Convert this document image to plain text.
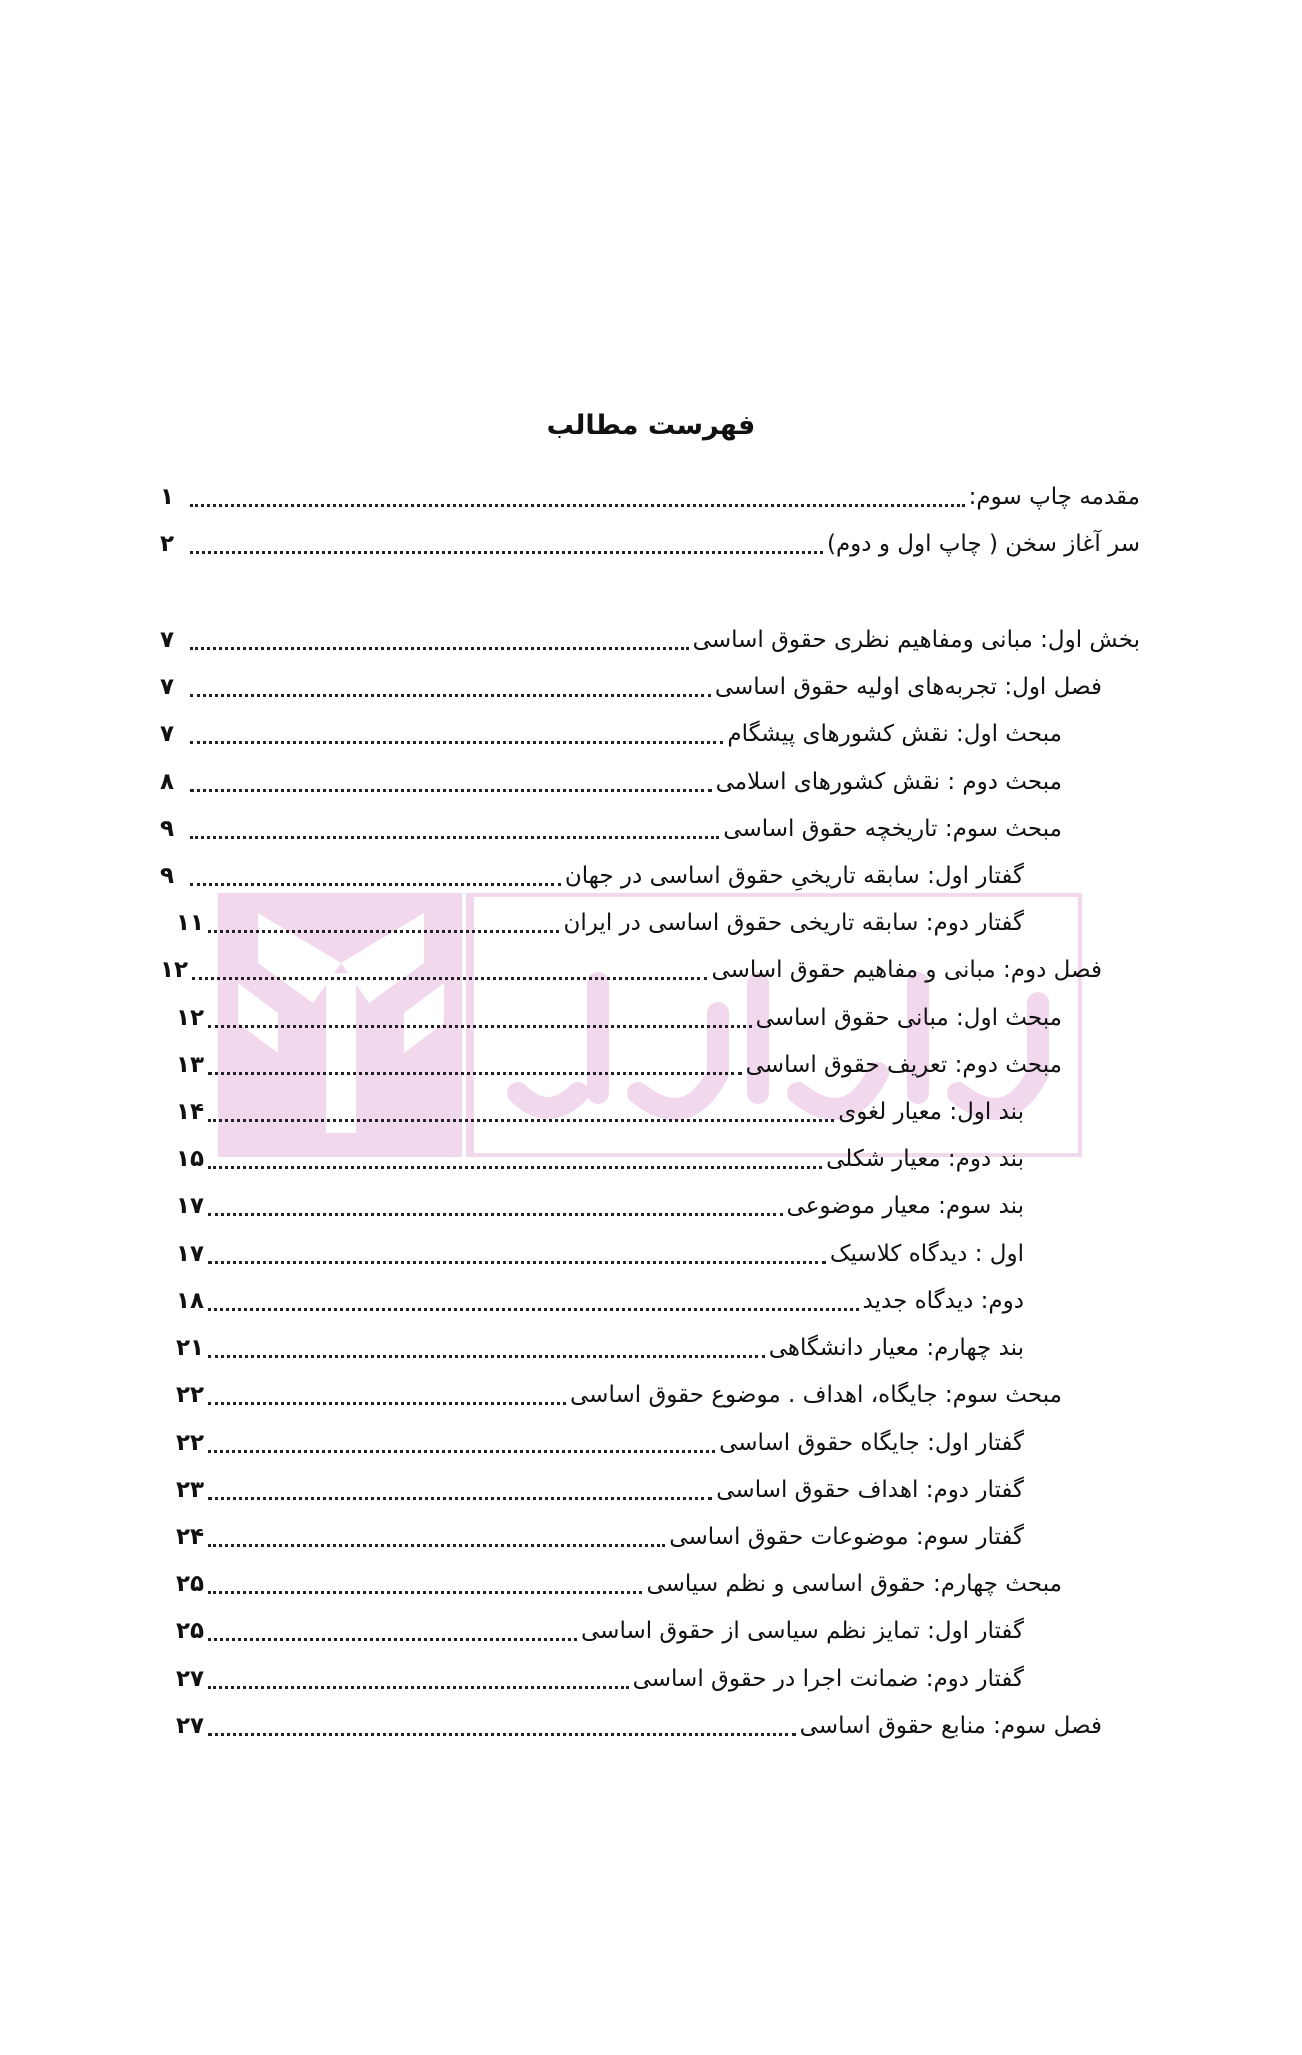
فهرست مطالب
مقدمه چاپ سوم:
۱
سر آغاز سخن ( چاپ اول و دوم)
۲
بخش اول: مبانی ومفاهیم نظری حقوق اساسی
۷
فصل اول: تجربه‌های اولیه حقوق اساسی
۷
مبحث اول: نقش کشورهای پیشگام
۷
مبحث دوم : نقش کشورهای اسلامی
۸
مبحث سوم: تاریخچه حقوق اساسی
۹
گفتار اول: سابقه تاریخیِ حقوق اساسی در جهان
۹
گفتار دوم: سابقه تاریخی حقوق اساسی در ایران
۱۱
فصل دوم: مبانی و مفاهیم حقوق اساسی
۱۲
مبحث اول: مبانی حقوق اساسی
۱۲
مبحث دوم: تعریف حقوق اساسی
۱۳
بند اول: معیار لغوی
۱۴
بند دوم: معیار شکلی
۱۵
بند سوم: معیار موضوعی
۱۷
اول : دیدگاه کلاسیک
۱۷
دوم: دیدگاه جدید
۱۸
بند چهارم: معیار دانشگاهی
۲۱
مبحث سوم: جایگاه، اهداف . موضوع حقوق اساسی
۲۲
گفتار اول: جایگاه حقوق اساسی
۲۲
گفتار دوم: اهداف حقوق اساسی
۲۳
گفتار سوم: موضوعات حقوق اساسی
۲۴
مبحث چهارم: حقوق اساسی و نظم سیاسی
۲۵
گفتار اول: تمایز نظم سیاسی از حقوق اساسی
۲۵
گفتار دوم: ضمانت اجرا در حقوق اساسی
۲۷
فصل سوم: منابع حقوق اساسی
۲۷
